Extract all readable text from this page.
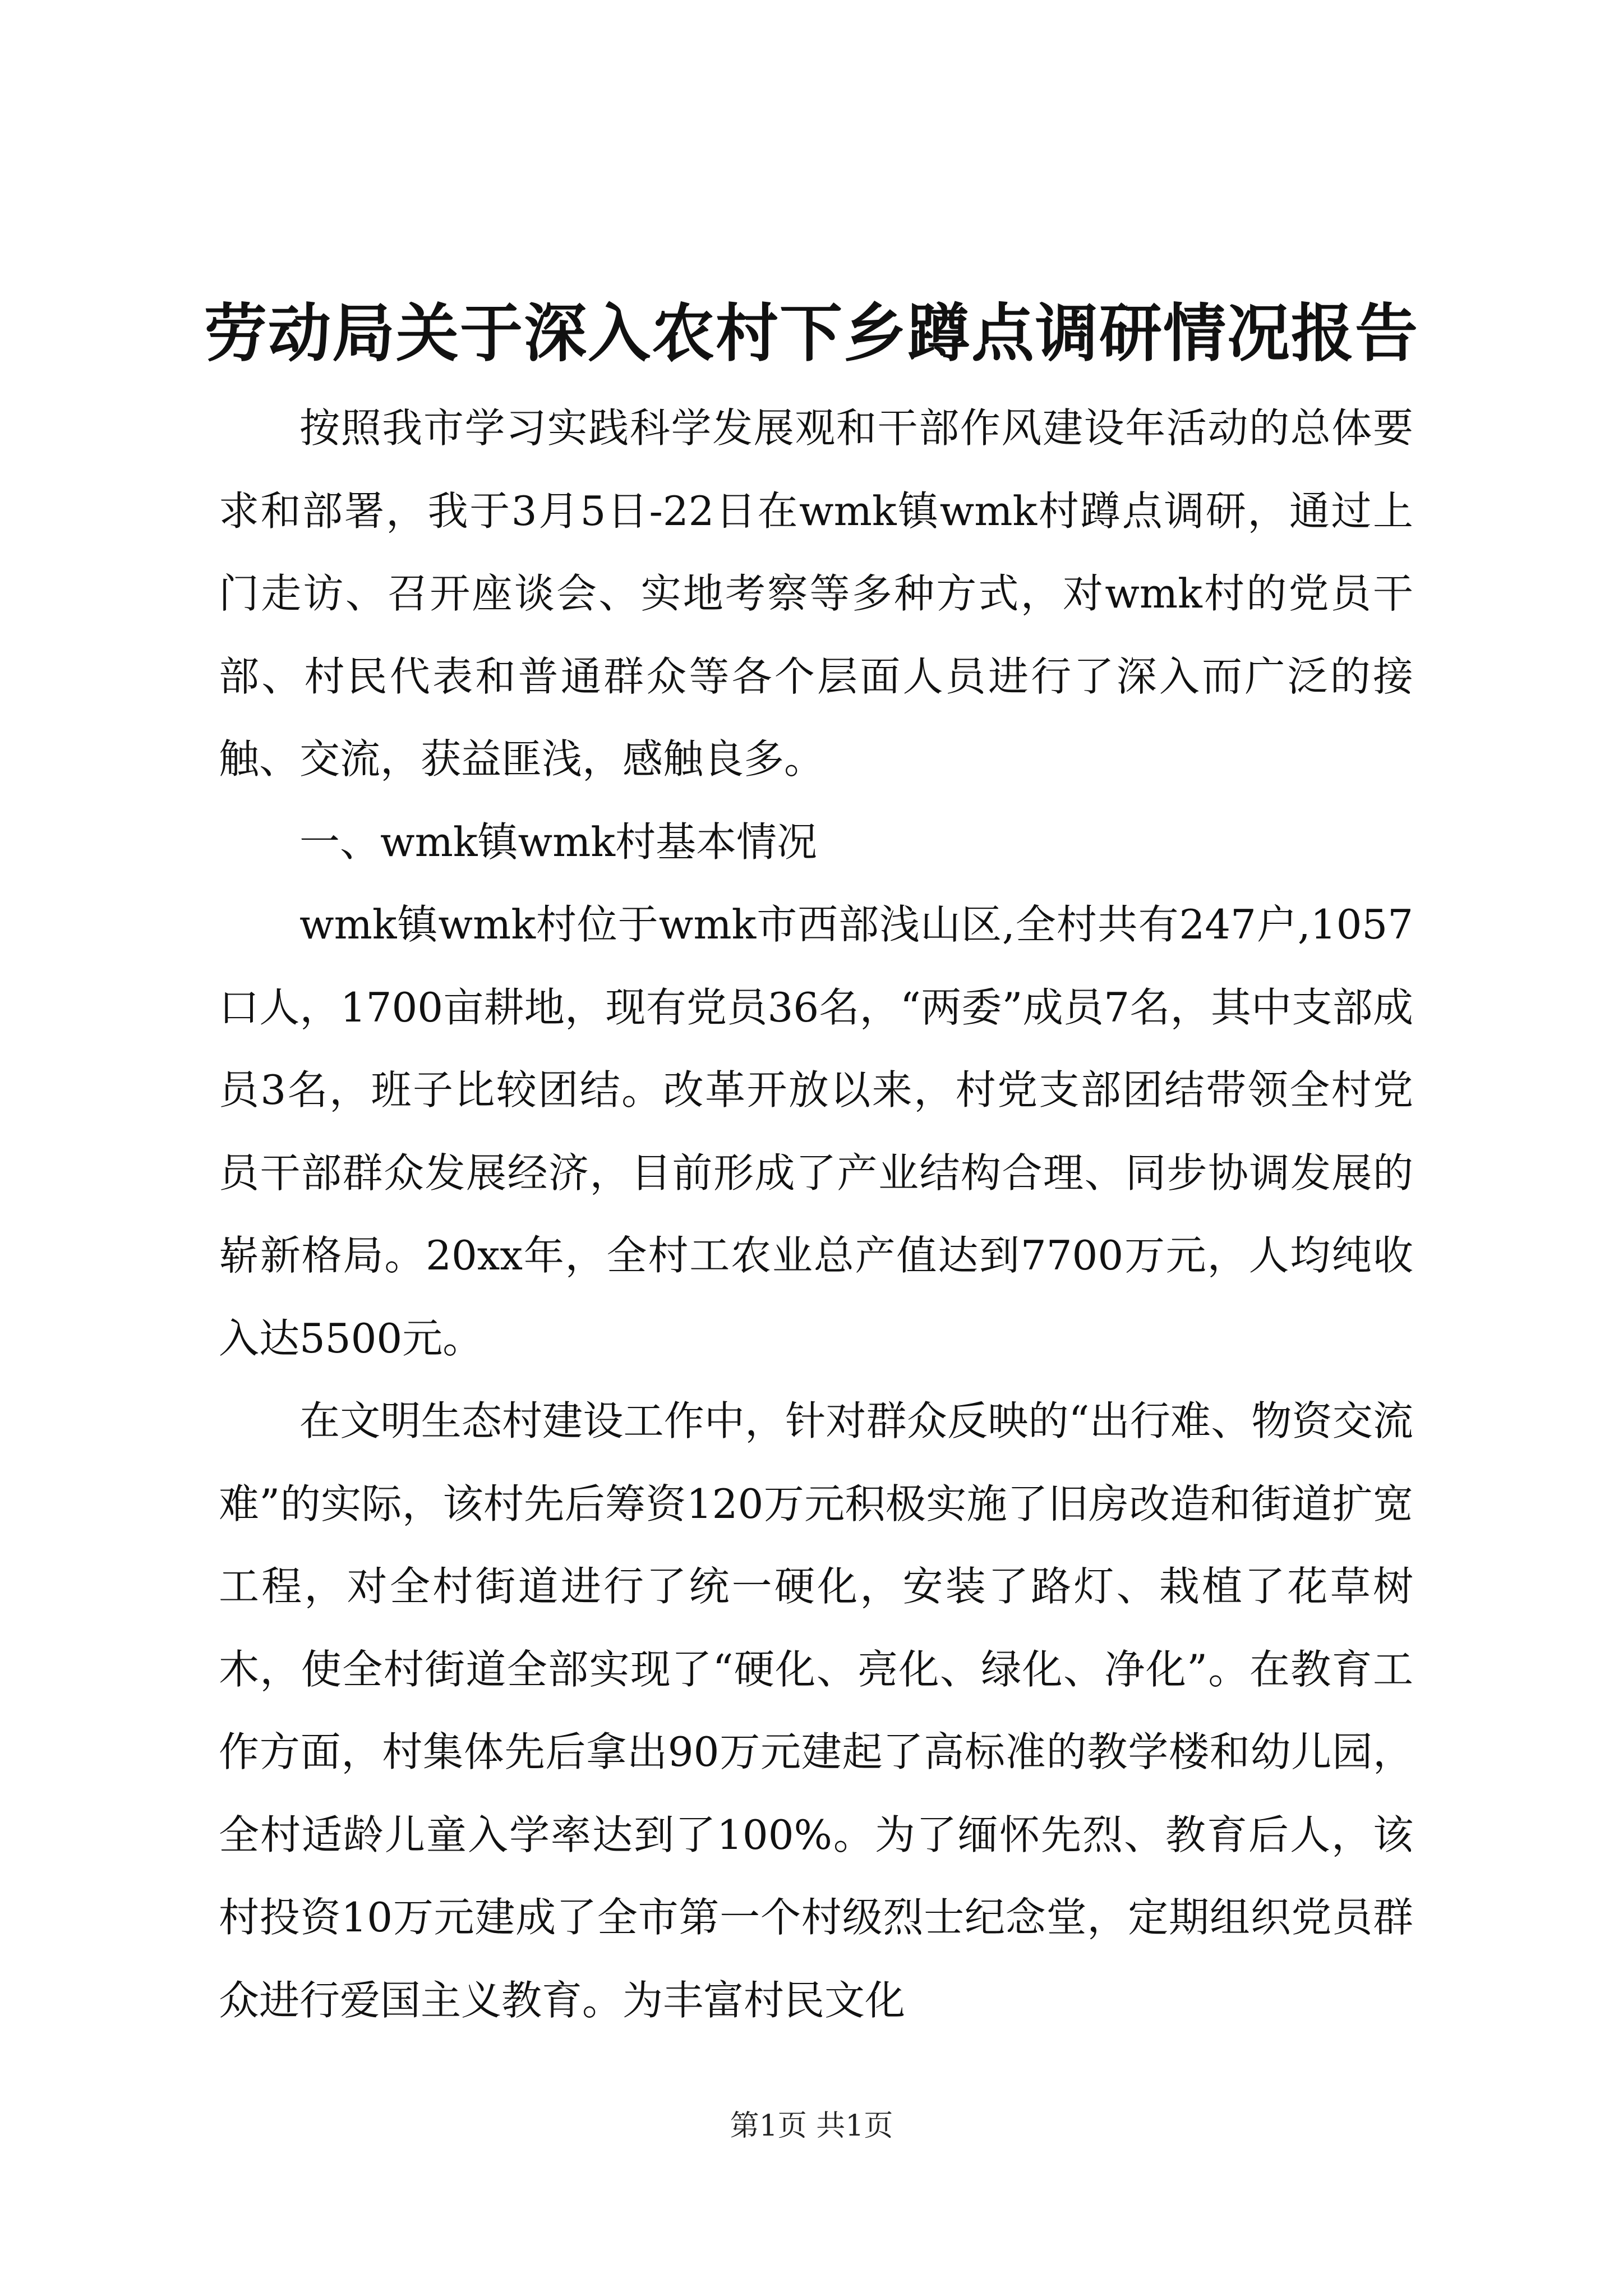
劳动局关于深入农村下乡蹲点调研情况报告

按照我市学习实践科学发展观和干部作风建设年活动的总体要求和部署，我于3月5日-22日在wmk镇wmk村蹲点调研，通过上门走访、召开座谈会、实地考察等多种方式，对wmk村的党员干部、村民代表和普通群众等各个层面人员进行了深入而广泛的接触、交流，获益匪浅，感触良多。

一、wmk镇wmk村基本情况

wmk镇wmk村位于wmk市西部浅山区,全村共有247户,1057口人，1700亩耕地，现有党员36名，“两委”成员7名，其中支部成员3名，班子比较团结。改革开放以来，村党支部团结带领全村党员干部群众发展经济，目前形成了产业结构合理、同步协调发展的崭新格局。20xx年，全村工农业总产值达到7700万元，人均纯收入达5500元。

在文明生态村建设工作中，针对群众反映的“出行难、物资交流难”的实际，该村先后筹资120万元积极实施了旧房改造和街道扩宽工程，对全村街道进行了统一硬化，安装了路灯、栽植了花草树木，使全村街道全部实现了“硬化、亮化、绿化、净化”。在教育工作方面，村集体先后拿出90万元建起了高标准的教学楼和幼儿园，全村适龄儿童入学率达到了100%。为了缅怀先烈、教育后人，该村投资10万元建成了全市第一个村级烈士纪念堂，定期组织党员群众进行爱国主义教育。为丰富村民文化

第1页 共1页
